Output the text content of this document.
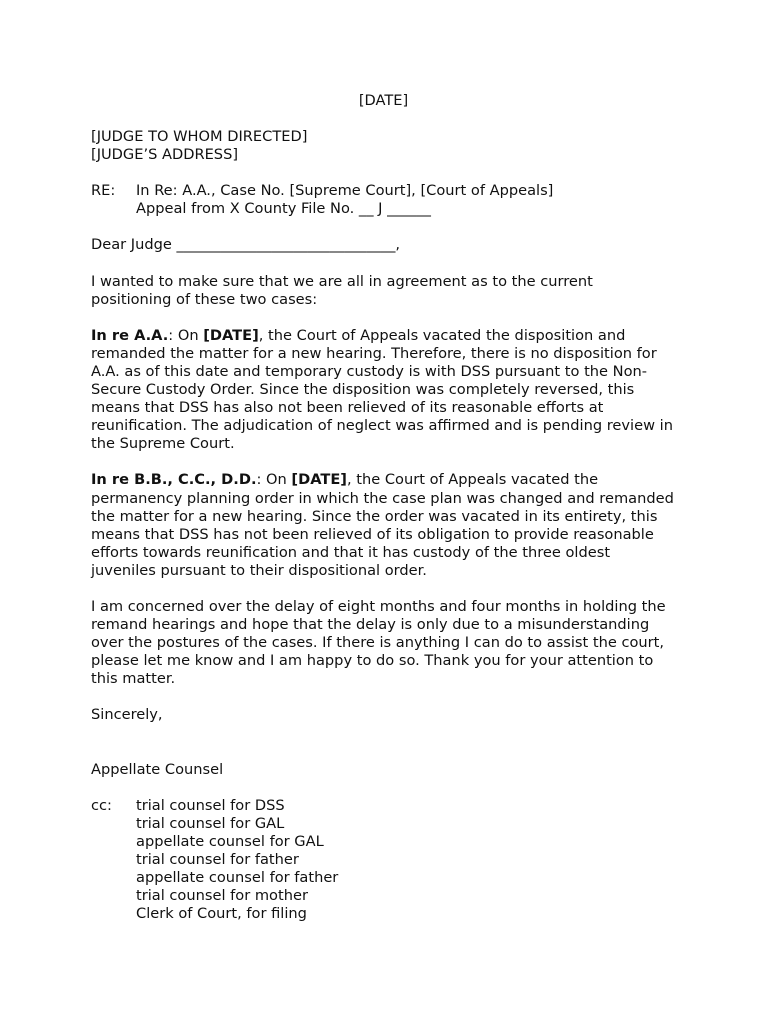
[DATE]
[JUDGE TO WHOM DIRECTED]
[JUDGE’S ADDRESS]
RE:	In Re: A.A., Case No. [Supreme Court], [Court of Appeals]
Appeal from X County File No. __ J ______
Dear Judge ______________________________,

I wanted to make sure that we are all in agreement as to the current positioning of these two cases:

In re A.A.: On [DATE], the Court of Appeals vacated the disposition and remanded the matter for a new hearing. Therefore, there is no disposition for A.A. as of this date and temporary custody is with DSS pursuant to the Non-Secure Custody Order. Since the disposition was completely reversed, this means that DSS has also not been relieved of its reasonable efforts at reunification. The adjudication of neglect was affirmed and is pending review in the Supreme Court.

In re B.B., C.C., D.D.: On [DATE], the Court of Appeals vacated the permanency planning order in which the case plan was changed and remanded the matter for a new hearing. Since the order was vacated in its entirety, this means that DSS has not been relieved of its obligation to provide reasonable efforts towards reunification and that it has custody of the three oldest juveniles pursuant to their dispositional order.

I am concerned over the delay of eight months and four months in holding the remand hearings and hope that the delay is only due to a misunderstanding over the postures of the cases. If there is anything I can do to assist the court, please let me know and I am happy to do so. Thank you for your attention to this matter.

Sincerely,

Appellate Counsel
cc:	trial counsel for DSS
trial counsel for GAL
appellate counsel for GAL
trial counsel for father
appellate counsel for father
trial counsel for mother
Clerk of Court, for filing
